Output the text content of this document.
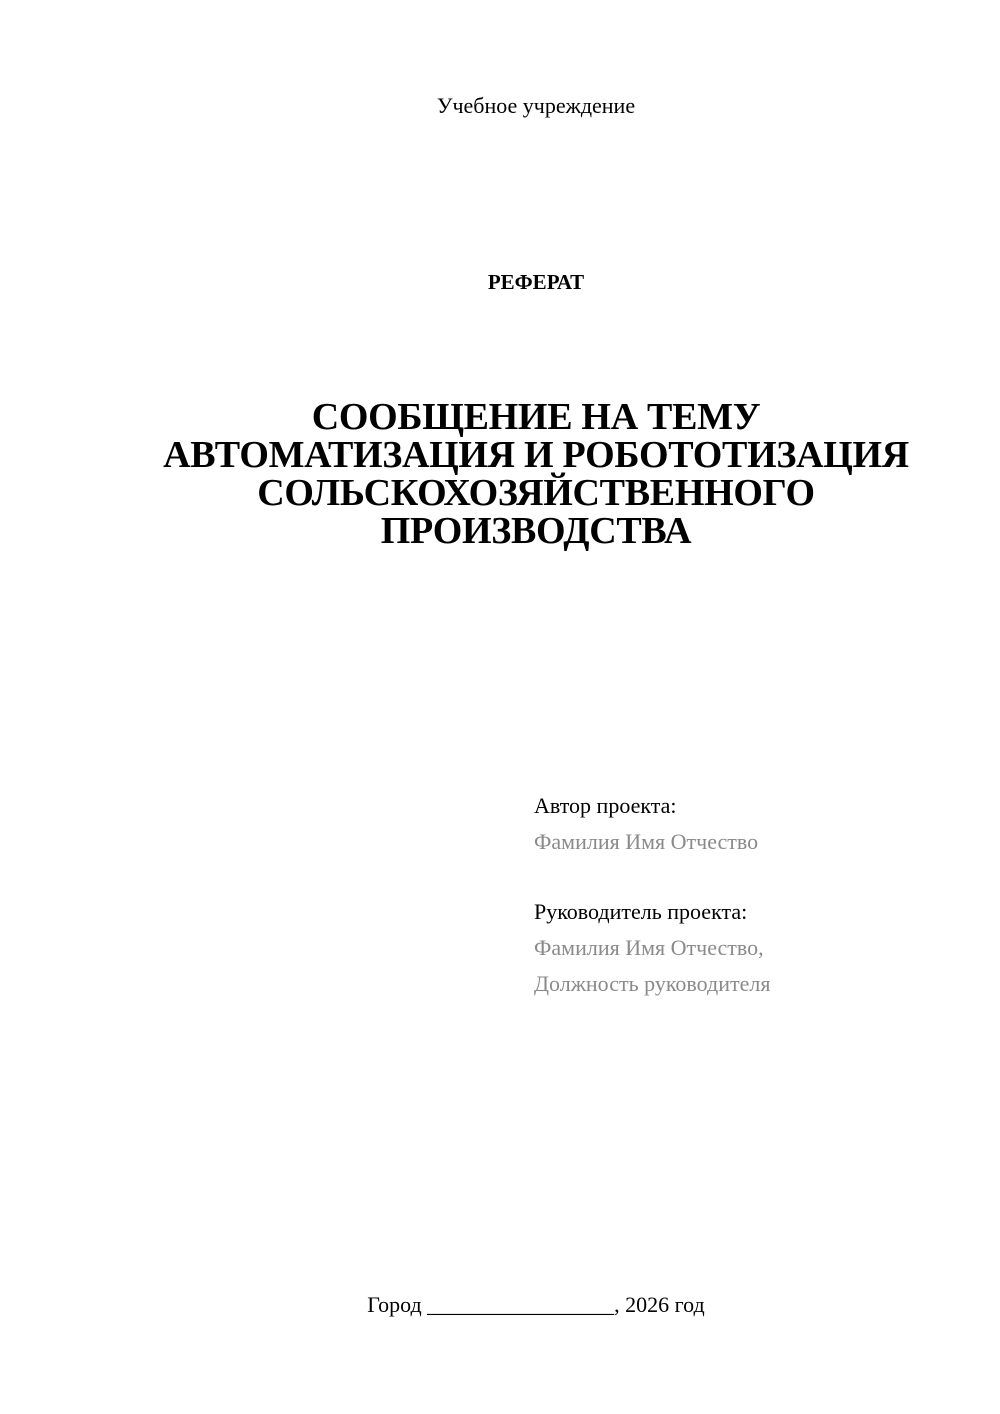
Учебное учреждение
РЕФЕРАТ
СООБЩЕНИЕ НА ТЕМУ
АВТОМАТИЗАЦИЯ И РОБОТОТИЗАЦИЯ
СОЛЬСКОХОЗЯЙСТВЕННОГО
ПРОИЗВОДСТВА
Автор проекта:
Фамилия Имя Отчество
Руководитель проекта:
Фамилия Имя Отчество,
Должность руководителя
Город _________________, 2026 год
